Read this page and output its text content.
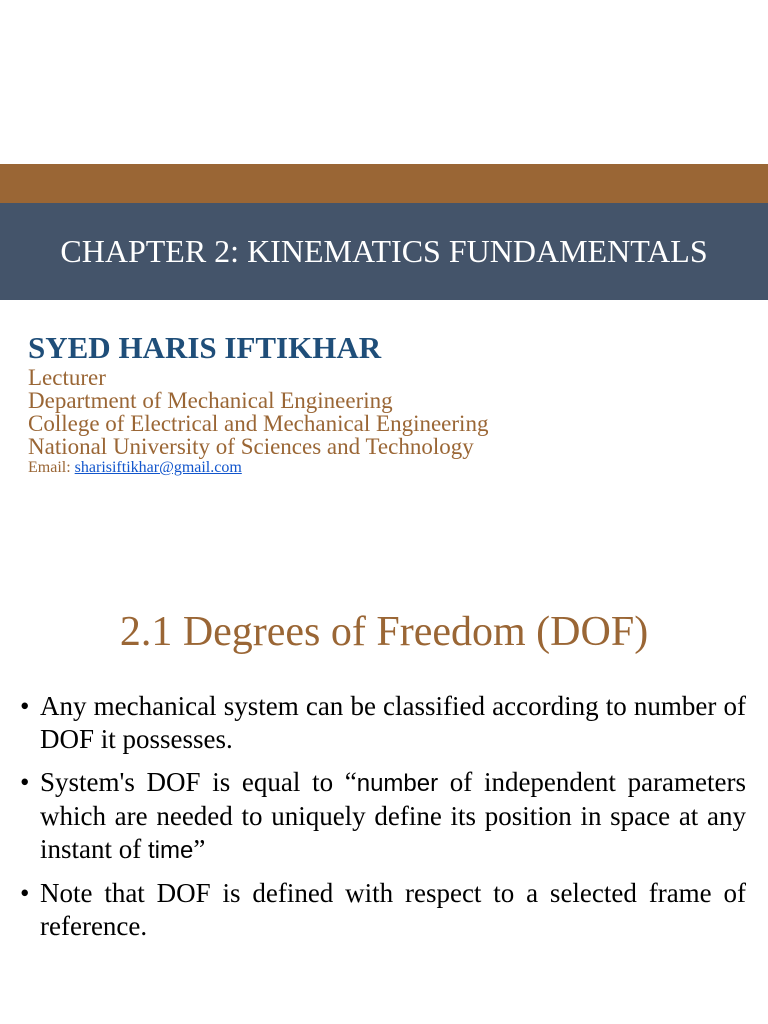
CHAPTER 2: KINEMATICS FUNDAMENTALS
SYED HARIS IFTIKHAR
Lecturer
Department of Mechanical Engineering
College of Electrical and Mechanical Engineering
National University of Sciences and Technology
Email: sharisiftikhar@gmail.com
2.1 Degrees of Freedom (DOF)
• Any mechanical system can be classified according to number of DOF it possesses.
• System's DOF is equal to “number of independent parameters which are needed to uniquely define its position in space at any instant of time”
• Note that DOF is defined with respect to a selected frame of reference.
